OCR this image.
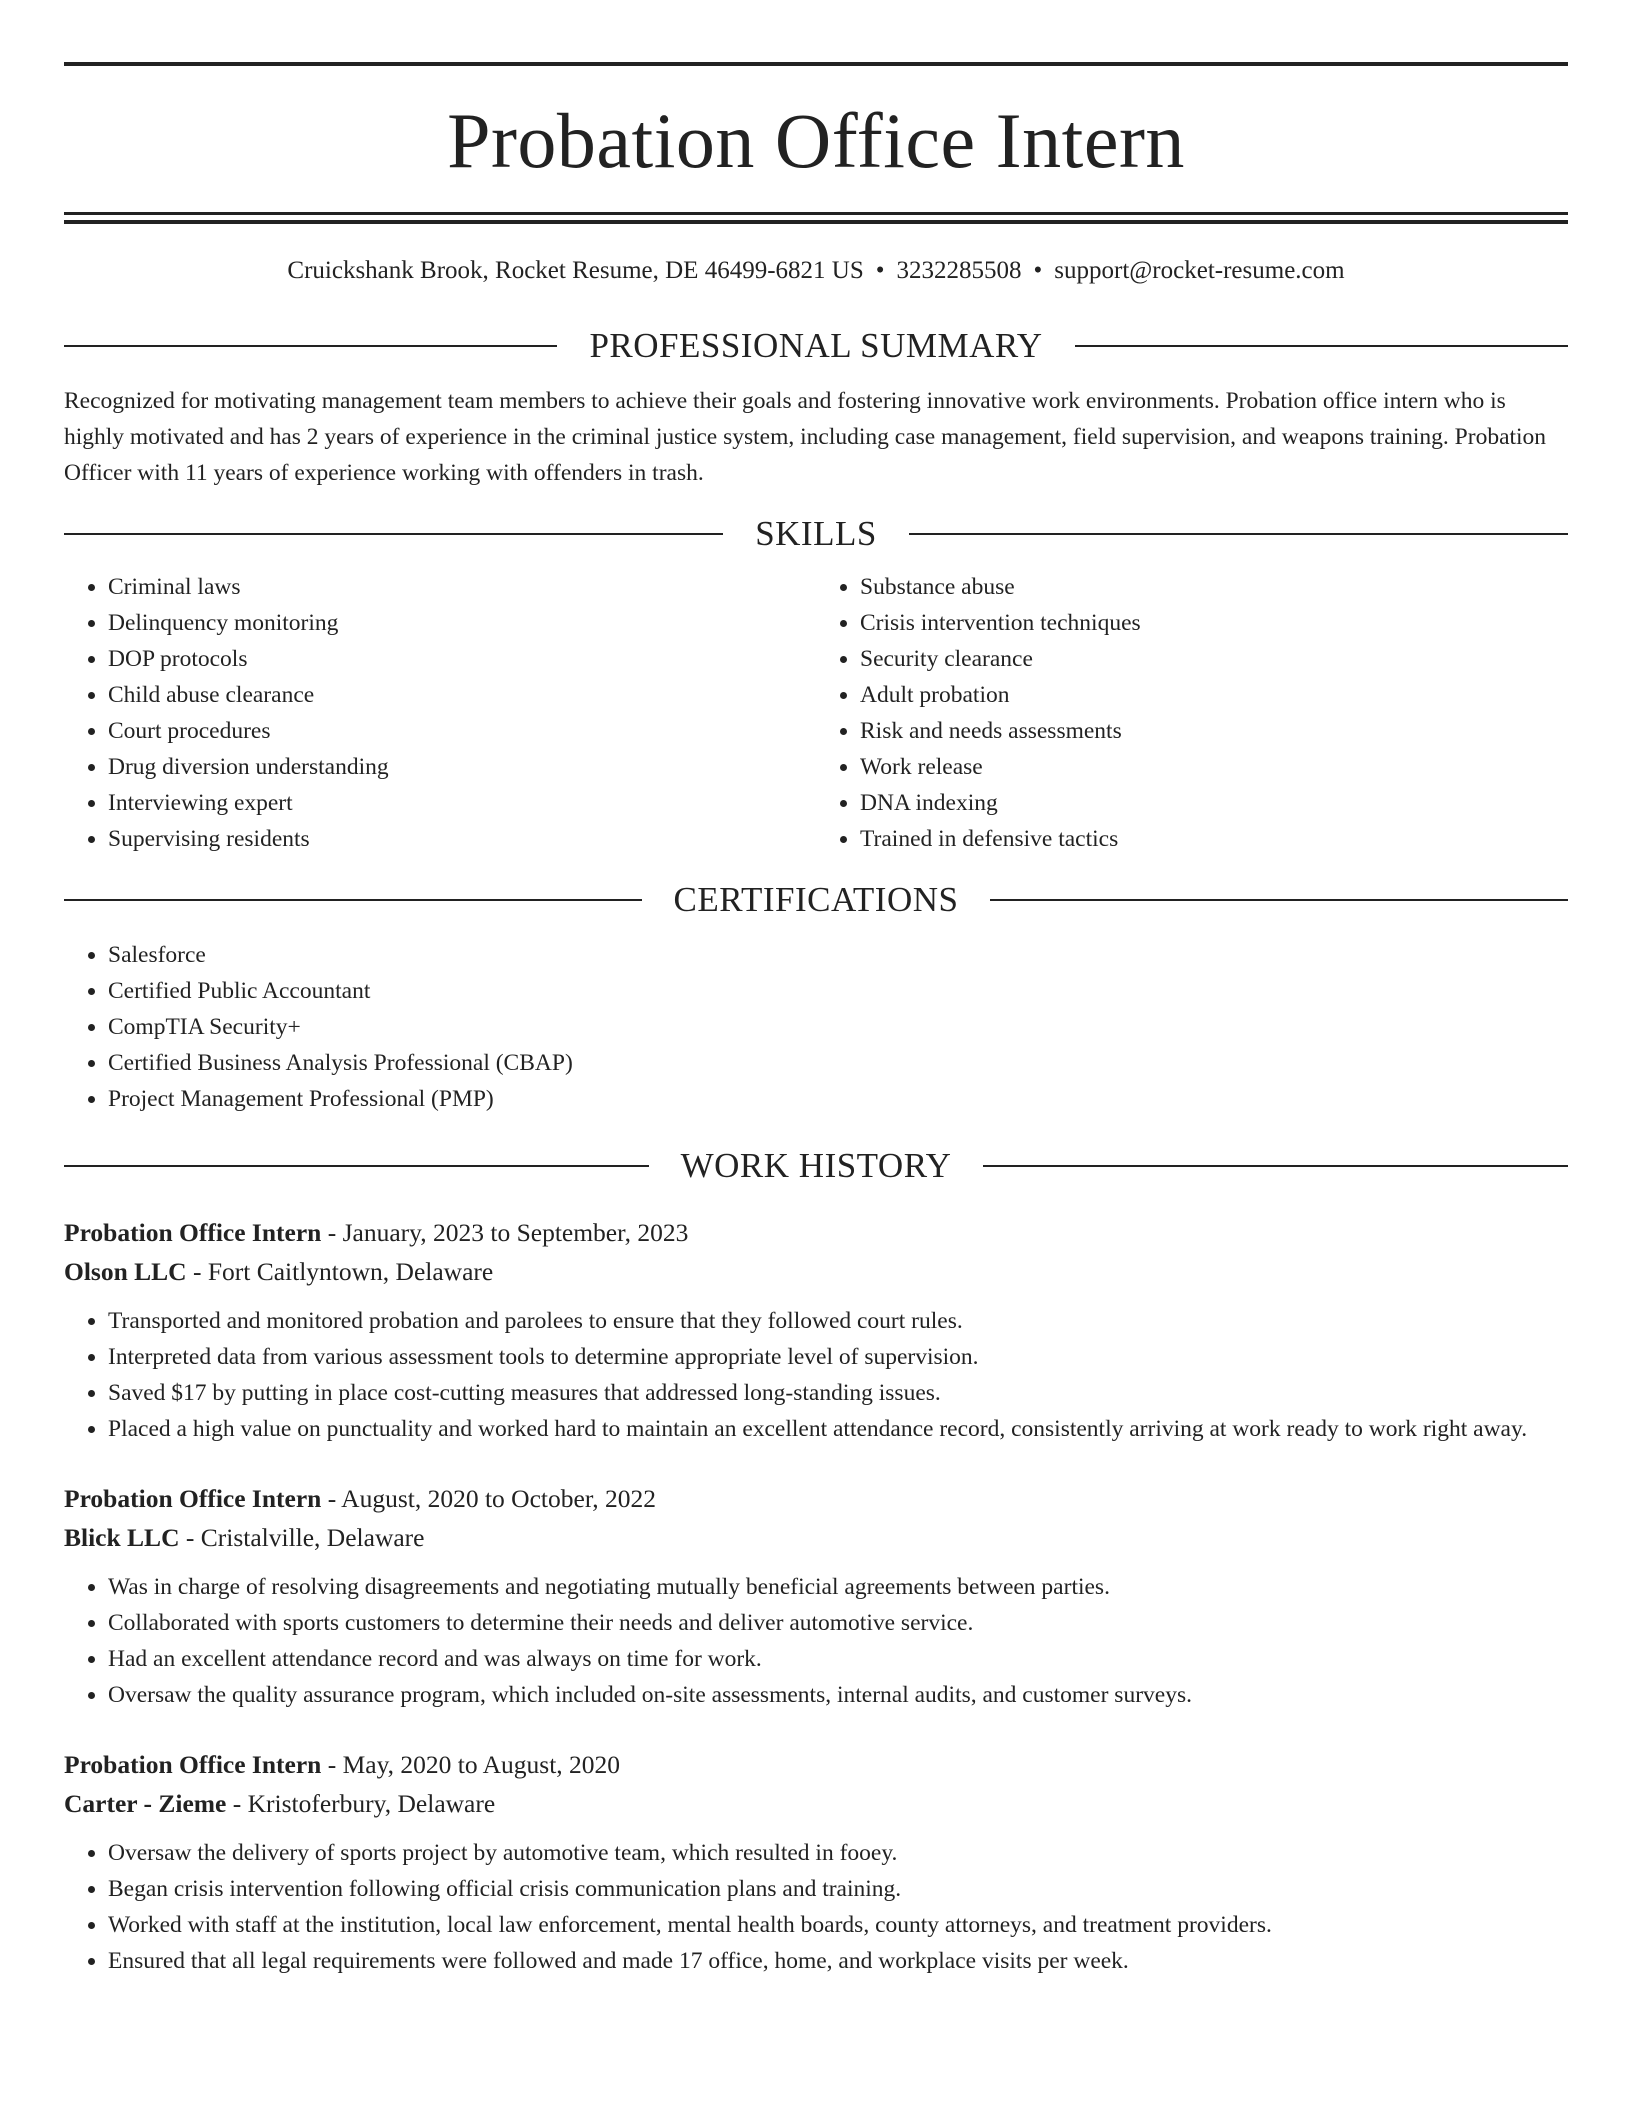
Probation Office Intern
Cruickshank Brook, Rocket Resume, DE 46499-6821 US • 3232285508 • support@rocket-resume.com
PROFESSIONAL SUMMARY

Recognized for motivating management team members to achieve their goals and fostering innovative work environments. Probation office intern who is highly motivated and has 2 years of experience in the criminal justice system, including case management, field supervision, and weapons training. Probation Officer with 11 years of experience working with offenders in trash.

SKILLS
• Criminal laws
• Delinquency monitoring
• DOP protocols
• Child abuse clearance
• Court procedures
• Drug diversion understanding
• Interviewing expert
• Supervising residents
• Substance abuse
• Crisis intervention techniques
• Security clearance
• Adult probation
• Risk and needs assessments
• Work release
• DNA indexing
• Trained in defensive tactics
CERTIFICATIONS
• Salesforce
• Certified Public Accountant
• CompTIA Security+
• Certified Business Analysis Professional (CBAP)
• Project Management Professional (PMP)
WORK HISTORY
Probation Office Intern - January, 2023 to September, 2023
Olson LLC - Fort Caitlyntown, Delaware
• Transported and monitored probation and parolees to ensure that they followed court rules.
• Interpreted data from various assessment tools to determine appropriate level of supervision.
• Saved $17 by putting in place cost-cutting measures that addressed long-standing issues.
• Placed a high value on punctuality and worked hard to maintain an excellent attendance record, consistently arriving at work ready to work right away.
Probation Office Intern - August, 2020 to October, 2022
Blick LLC - Cristalville, Delaware
• Was in charge of resolving disagreements and negotiating mutually beneficial agreements between parties.
• Collaborated with sports customers to determine their needs and deliver automotive service.
• Had an excellent attendance record and was always on time for work.
• Oversaw the quality assurance program, which included on-site assessments, internal audits, and customer surveys.
Probation Office Intern - May, 2020 to August, 2020
Carter - Zieme - Kristoferbury, Delaware
• Oversaw the delivery of sports project by automotive team, which resulted in fooey.
• Began crisis intervention following official crisis communication plans and training.
• Worked with staff at the institution, local law enforcement, mental health boards, county attorneys, and treatment providers.
• Ensured that all legal requirements were followed and made 17 office, home, and workplace visits per week.
